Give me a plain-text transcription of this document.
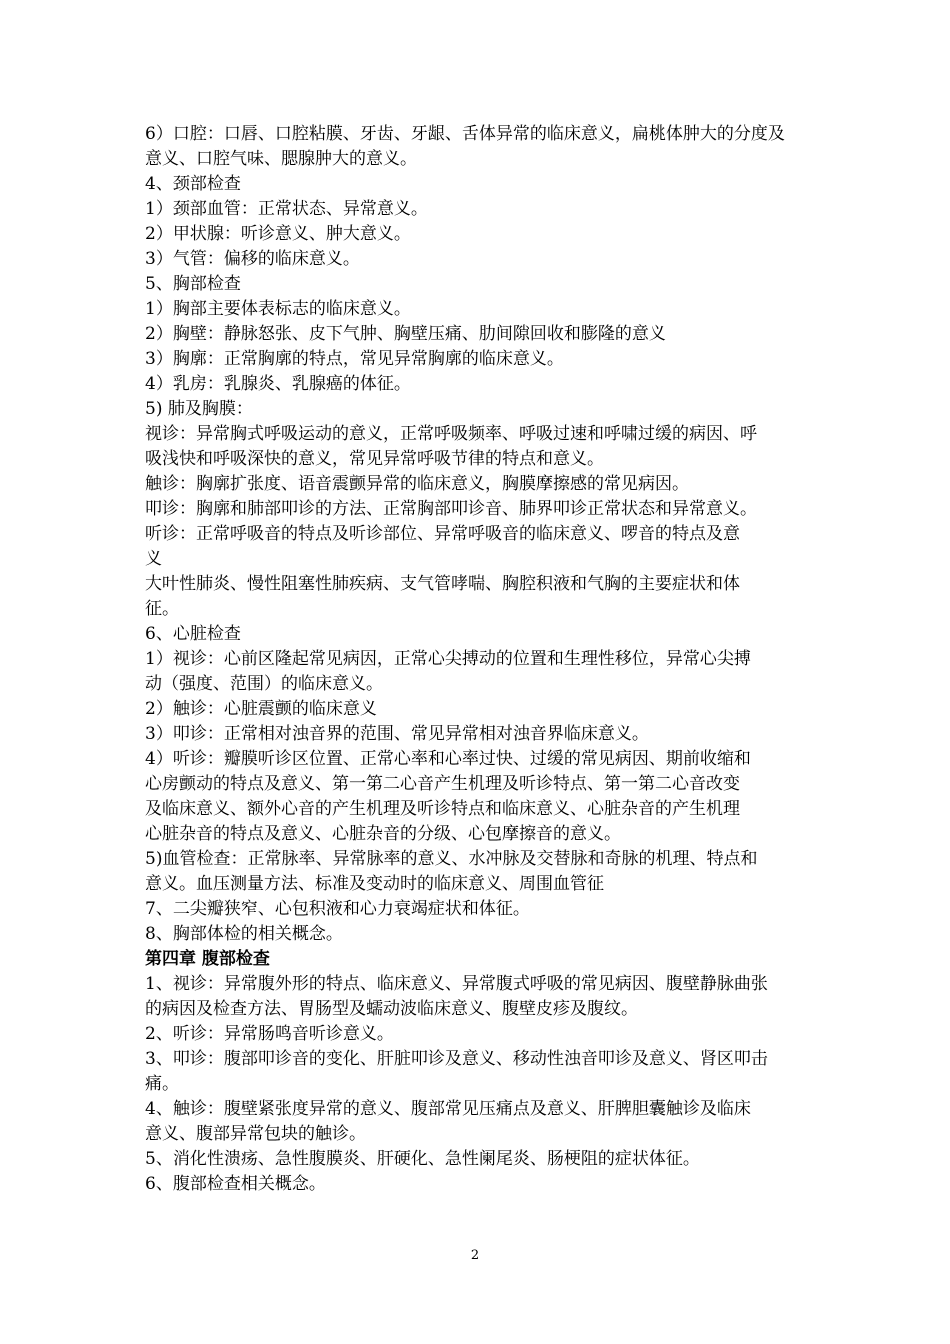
6）口腔：口唇、口腔粘膜、牙齿、牙龈、舌体异常的临床意义，扁桃体肿大的分度及
意义、口腔气味、腮腺肿大的意义。
4、颈部检查
1）颈部血管：正常状态、异常意义。
2）甲状腺：听诊意义、肿大意义。
3）气管：偏移的临床意义。
5、胸部检查
1）胸部主要体表标志的临床意义。
2）胸壁：静脉怒张、皮下气肿、胸壁压痛、肋间隙回收和膨隆的意义
3）胸廓：正常胸廓的特点，常见异常胸廓的临床意义。
4）乳房：乳腺炎、乳腺癌的体征。
5) 肺及胸膜：
视诊：异常胸式呼吸运动的意义，正常呼吸频率、呼吸过速和呼啸过缓的病因、呼
吸浅快和呼吸深快的意义，常见异常呼吸节律的特点和意义。
触诊：胸廓扩张度、语音震颤异常的临床意义，胸膜摩擦感的常见病因。
叩诊：胸廓和肺部叩诊的方法、正常胸部叩诊音、肺界叩诊正常状态和异常意义。
听诊：正常呼吸音的特点及听诊部位、异常呼吸音的临床意义、啰音的特点及意
义
大叶性肺炎、慢性阻塞性肺疾病、支气管哮喘、胸腔积液和气胸的主要症状和体
征。
6、心脏检查
1）视诊：心前区隆起常见病因，正常心尖搏动的位置和生理性移位，异常心尖搏
动（强度、范围）的临床意义。
2）触诊：心脏震颤的临床意义
3）叩诊：正常相对浊音界的范围、常见异常相对浊音界临床意义。
4）听诊：瓣膜听诊区位置、正常心率和心率过快、过缓的常见病因、期前收缩和
心房颤动的特点及意义、第一第二心音产生机理及听诊特点、第一第二心音改变
及临床意义、额外心音的产生机理及听诊特点和临床意义、心脏杂音的产生机理
心脏杂音的特点及意义、心脏杂音的分级、心包摩擦音的意义。
5)血管检查：正常脉率、异常脉率的意义、水冲脉及交替脉和奇脉的机理、特点和
意义。血压测量方法、标准及变动时的临床意义、周围血管征
7、二尖瓣狭窄、心包积液和心力衰竭症状和体征。
8、胸部体检的相关概念。
第四章 腹部检查
1、视诊：异常腹外形的特点、临床意义、异常腹式呼吸的常见病因、腹壁静脉曲张
的病因及检查方法、胃肠型及蠕动波临床意义、腹壁皮疹及腹纹。
2、听诊：异常肠鸣音听诊意义。
3、叩诊：腹部叩诊音的变化、肝脏叩诊及意义、移动性浊音叩诊及意义、肾区叩击
痛。
4、触诊：腹壁紧张度异常的意义、腹部常见压痛点及意义、肝脾胆囊触诊及临床
意义、腹部异常包块的触诊。
5、消化性溃疡、急性腹膜炎、肝硬化、急性阑尾炎、肠梗阻的症状体征。
6、腹部检查相关概念。
2
